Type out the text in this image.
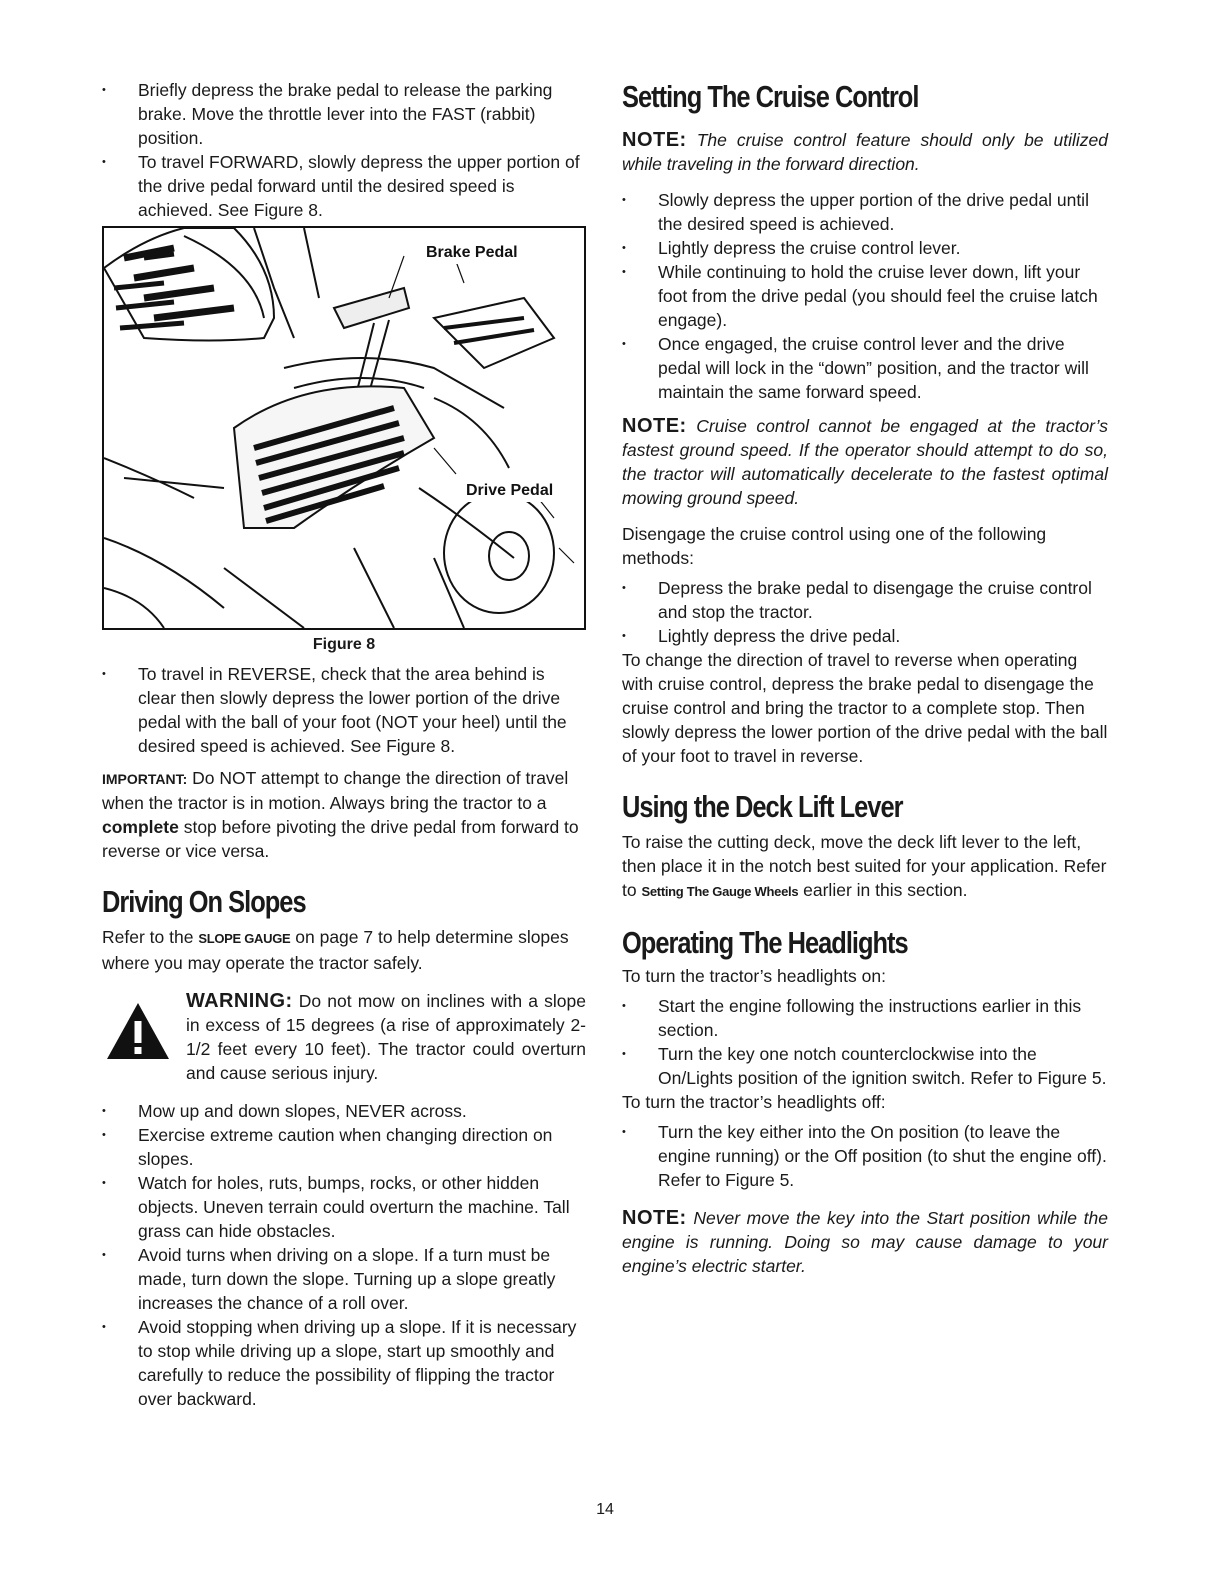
• Briefly depress the brake pedal to release the parking brake. Move the throttle lever into the FAST (rabbit) position.
• To travel FORWARD, slowly depress the upper portion of the drive pedal forward until the desired speed is achieved. See Figure 8.
Brake Pedal
Drive Pedal
Figure 8
• To travel in REVERSE, check that the area behind is clear then slowly depress the lower portion of the drive pedal with the ball of your foot (NOT your heel) until the desired speed is achieved. See Figure 8.

IMPORTANT: Do NOT attempt to change the direction of travel when the tractor is in motion. Always bring the tractor to a complete stop before pivoting the drive pedal from forward to reverse or vice versa.

Driving On Slopes

Refer to the SLOPE GAUGE on page 7 to help determine slopes where you may operate the tractor safely.

WARNING: Do not mow on inclines with a slope in excess of 15 degrees (a rise of approximately 2-1/2 feet every 10 feet). The tractor could overturn and cause serious injury.

• Mow up and down slopes, NEVER across.
• Exercise extreme caution when changing direction on slopes.
• Watch for holes, ruts, bumps, rocks, or other hidden objects. Uneven terrain could overturn the machine. Tall grass can hide obstacles.
• Avoid turns when driving on a slope. If a turn must be made, turn down the slope. Turning up a slope greatly increases the chance of a roll over.
• Avoid stopping when driving up a slope. If it is necessary to stop while driving up a slope, start up smoothly and carefully to reduce the possibility of flipping the tractor over backward.
Setting The Cruise Control

NOTE: The cruise control feature should only be utilized while traveling in the forward direction.

• Slowly depress the upper portion of the drive pedal until the desired speed is achieved.
• Lightly depress the cruise control lever.
• While continuing to hold the cruise lever down, lift your foot from the drive pedal (you should feel the cruise latch engage).
• Once engaged, the cruise control lever and the drive pedal will lock in the “down” position, and the tractor will maintain the same forward speed.

NOTE: Cruise control cannot be engaged at the tractor’s fastest ground speed. If the operator should attempt to do so, the tractor will automatically decelerate to the fastest optimal mowing ground speed.

Disengage the cruise control using one of the following methods:

• Depress the brake pedal to disengage the cruise control and stop the tractor.
• Lightly depress the drive pedal.

To change the direction of travel to reverse when operating with cruise control, depress the brake pedal to disengage the cruise control and bring the tractor to a complete stop. Then slowly depress the lower portion of the drive pedal with the ball of your foot to travel in reverse.

Using the Deck Lift Lever

To raise the cutting deck, move the deck lift lever to the left, then place it in the notch best suited for your application. Refer to Setting The Gauge Wheels earlier in this section.

Operating The Headlights

To turn the tractor’s headlights on:

• Start the engine following the instructions earlier in this section.
• Turn the key one notch counterclockwise into the On/Lights position of the ignition switch. Refer to Figure 5.

To turn the tractor’s headlights off:

• Turn the key either into the On position (to leave the engine running) or the Off position (to shut the engine off). Refer to Figure 5.

NOTE: Never move the key into the Start position while the engine is running. Doing so may cause damage to your engine’s electric starter.

14
